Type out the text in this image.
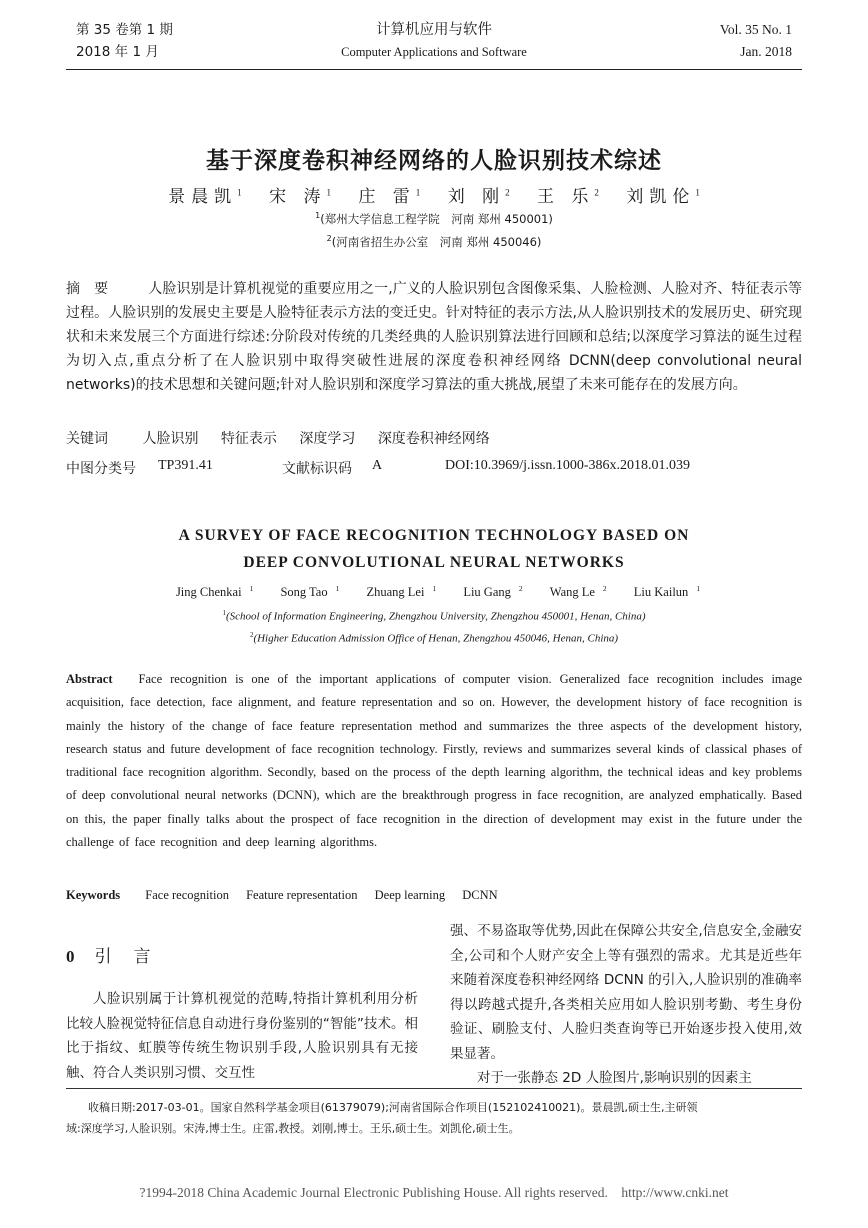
第 35 卷第 1 期
2018 年 1 月
计算机应用与软件
Computer Applications and Software
Vol. 35 No. 1
Jan. 2018
基于深度卷积神经网络的人脸识别技术综述
景晨凯$^1$ 宋 涛$^1$ 庄 雷$^1$ 刘 刚$^2$ 王 乐$^2$ 刘凯伦$^1$
$^1$(郑州大学信息工程学院　河南 郑州 450001)
$^2$(河南省招生办公室　河南 郑州 450046)
摘要 人脸识别是计算机视觉的重要应用之一,广义的人脸识别包含图像采集、人脸检测、人脸对齐、特征表示等过程。人脸识别的发展史主要是人脸特征表示方法的变迁史。针对特征的表示方法,从人脸识别技术的发展历史、研究现状和未来发展三个方面进行综述:分阶段对传统的几类经典的人脸识别算法进行回顾和总结;以深度学习算法的诞生过程为切入点,重点分析了在人脸识别中取得突破性进展的深度卷积神经网络 DCNN(deep convolutional neural networks)的技术思想和关键问题;针对人脸识别和深度学习算法的重大挑战,展望了未来可能存在的发展方向。
关键词 人脸识别 特征表示 深度学习 深度卷积神经网络
中图分类号 TP391.41	文献标识码 A	DOI:10.3969/j.issn.1000-386x.2018.01.039
A SURVEY OF FACE RECOGNITION TECHNOLOGY BASED ON
DEEP CONVOLUTIONAL NEURAL NETWORKS
Jing Chenkai $^1$ Song Tao $^1$ Zhuang Lei $^1$ Liu Gang $^2$ Wang Le $^2$ Liu Kailun $^1$
$^1$(School of Information Engineering, Zhengzhou University, Zhengzhou 450001, Henan, China)
$^2$(Higher Education Admission Office of Henan, Zhengzhou 450046, Henan, China)
Abstract Face recognition is one of the important applications of computer vision. Generalized face recognition includes image acquisition, face detection, face alignment, and feature representation and so on. However, the development history of face recognition is mainly the history of the change of face feature representation method and summarizes the three aspects of the development history, research status and future development of face recognition technology. Firstly, reviews and summarizes several kinds of classical phases of traditional face recognition algorithm. Secondly, based on the process of the depth learning algorithm, the technical ideas and key problems of deep convolutional neural networks (DCNN), which are the breakthrough progress in face recognition, are analyzed emphatically. Based on this, the paper finally talks about the prospect of face recognition in the direction of development may exist in the future under the challenge of face recognition and deep learning algorithms.
Keywords Face recognition Feature representation Deep learning DCNN
0 引言

人脸识别属于计算机视觉的范畴,特指计算机利用分析比较人脸视觉特征信息自动进行身份鉴别的“智能”技术。相比于指纹、虹膜等传统生物识别手段,人脸识别具有无接触、符合人类识别习惯、交互性

强、不易盗取等优势,因此在保障公共安全,信息安全,金融安全,公司和个人财产安全上等有强烈的需求。尤其是近些年来随着深度卷积神经网络 DCNN 的引入,人脸识别的准确率得以跨越式提升,各类相关应用如人脸识别考勤、考生身份验证、刷脸支付、人脸归类查询等已开始逐步投入使用,效果显著。

对于一张静态 2D 人脸图片,影响识别的因素主

收稿日期:2017-03-01。国家自然科学基金项目(61379079);河南省国际合作项目(152102410021)。景晨凯,硕士生,主研领
域:深度学习,人脸识别。宋涛,博士生。庄雷,教授。刘刚,博士。王乐,硕士生。刘凯伦,硕士生。
?1994-2018 China Academic Journal Electronic Publishing House. All rights reserved.    http://www.cnki.net
